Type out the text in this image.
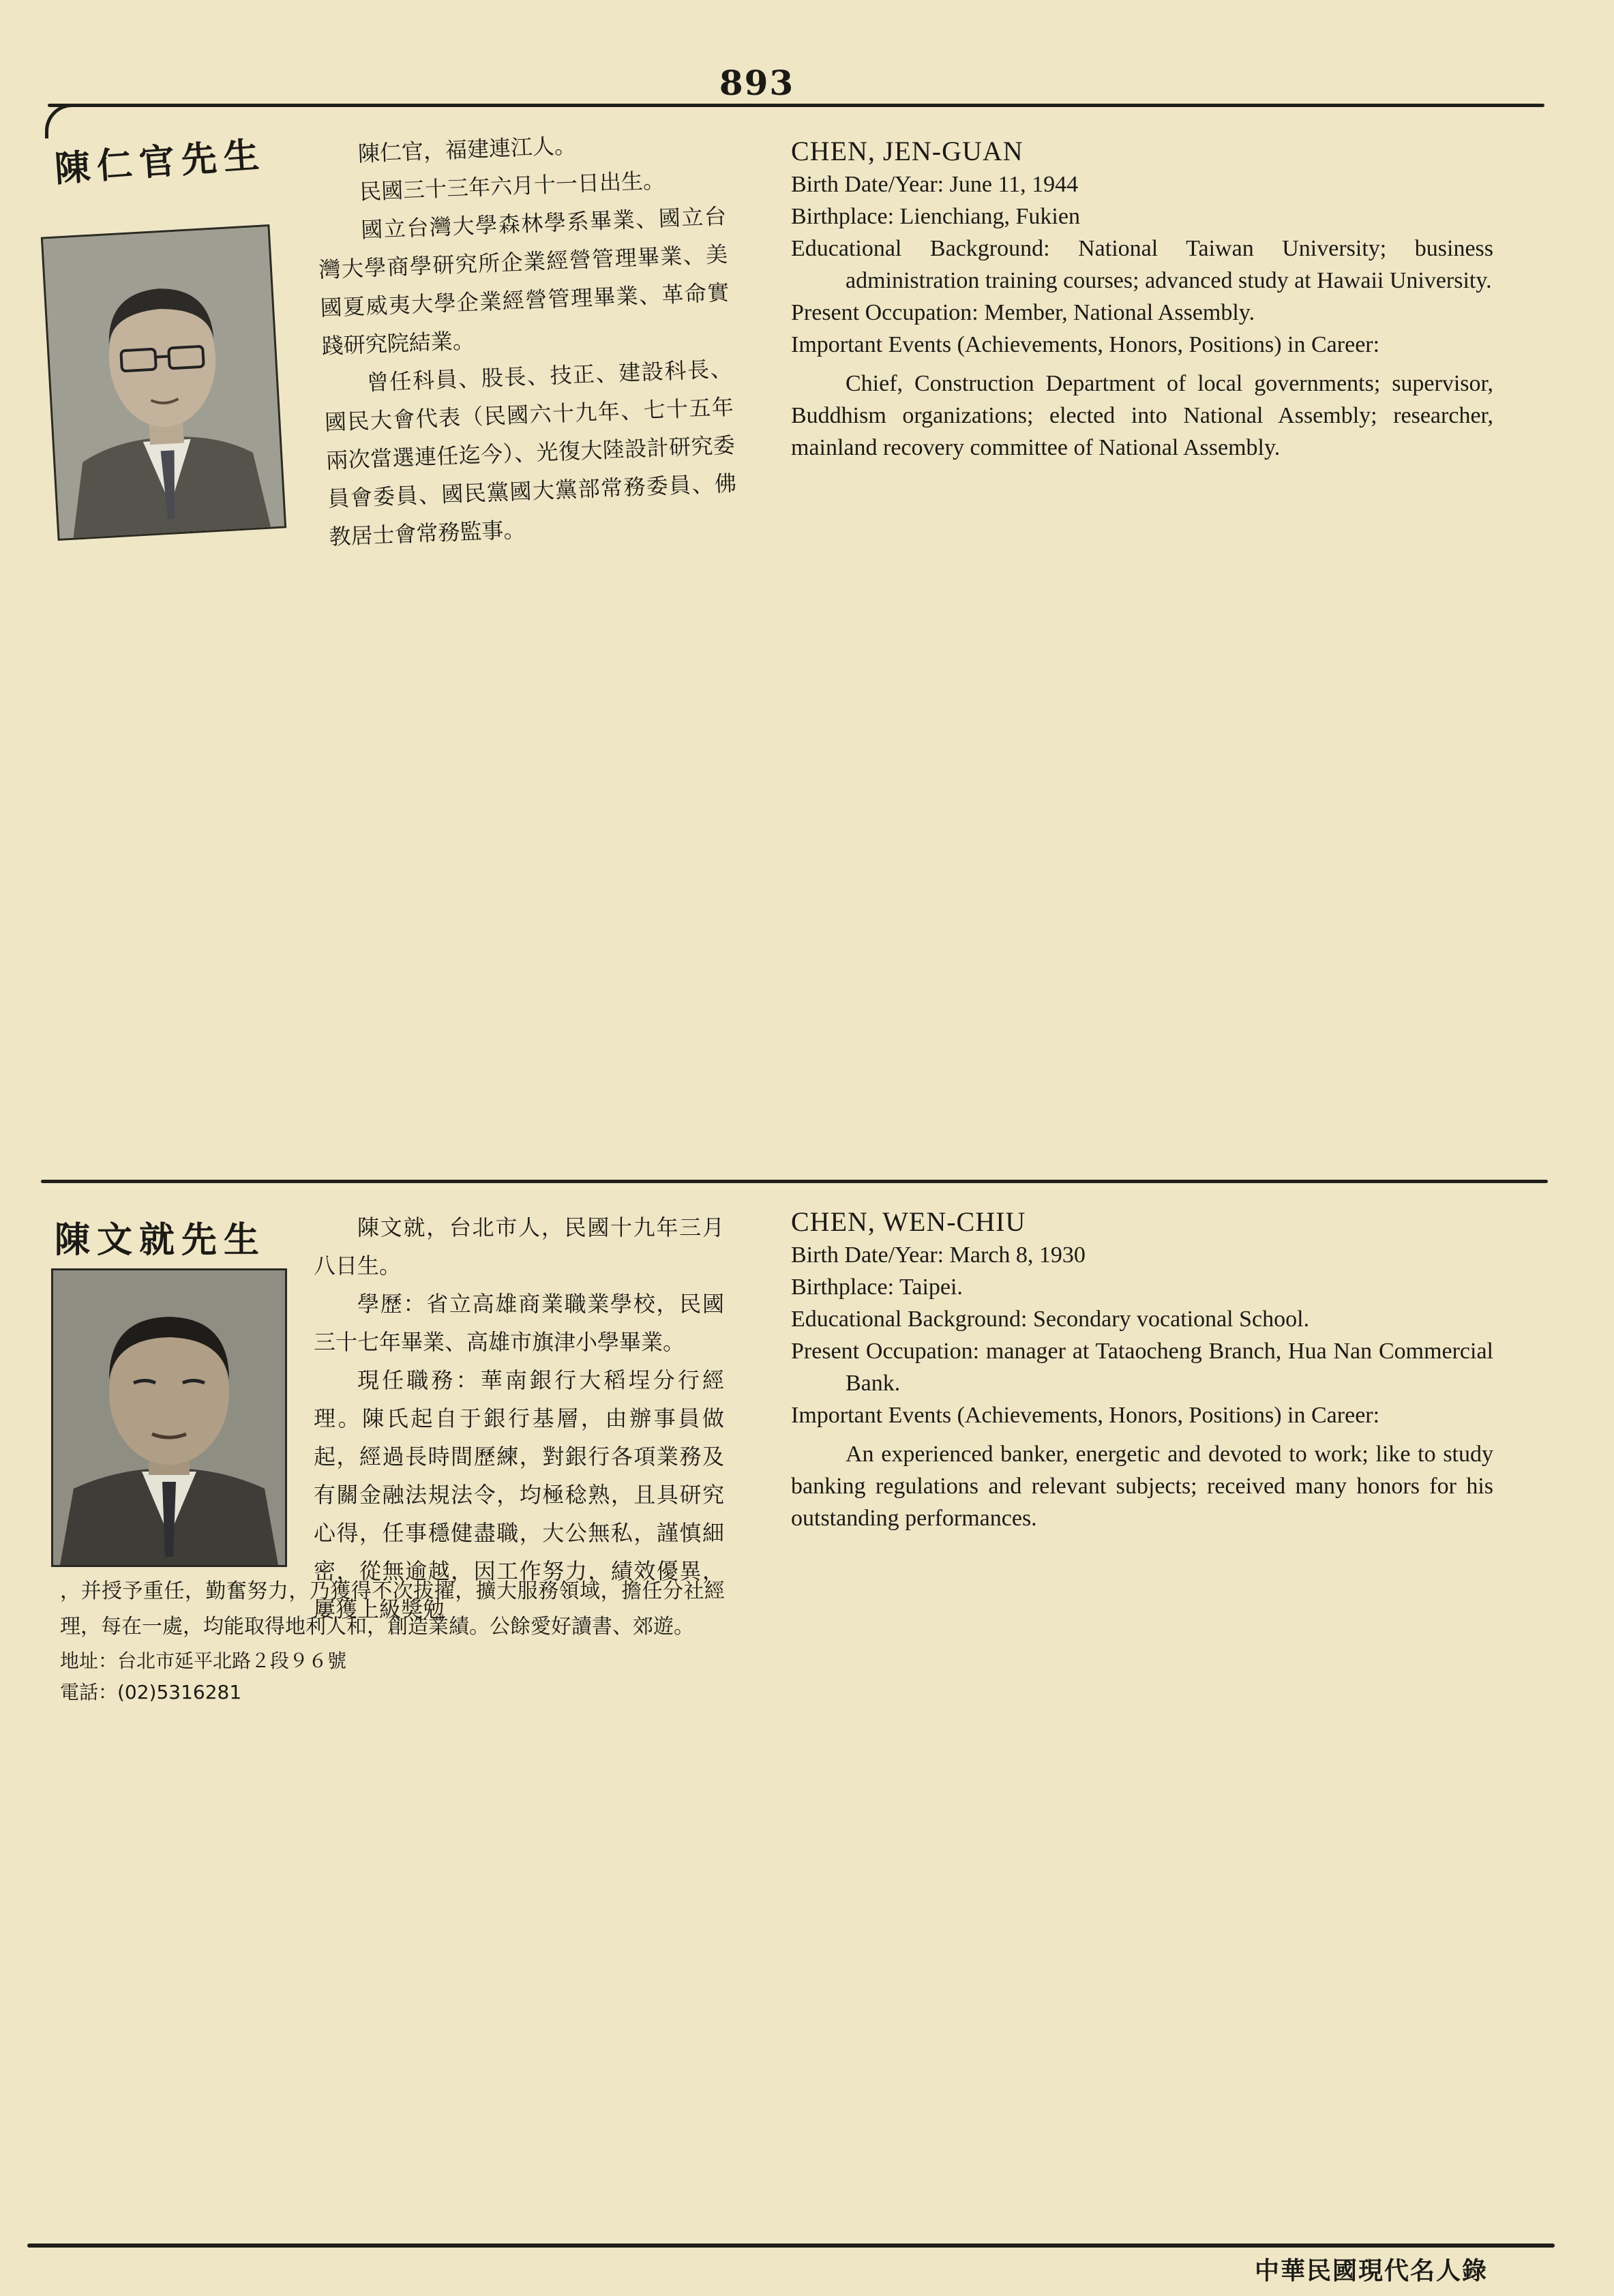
893
陳仁官先生	陳仁官，福建連江人。

民國三十三年六月十一日出生。

國立台灣大學森林學系畢業、國立台灣大學商學研究所企業經營管理畢業、美國夏威夷大學企業經營管理畢業、革命實踐研究院結業。

曾任科員、股長、技正、建設科長、國民大會代表（民國六十九年、七十五年兩次當選連任迄今）、光復大陸設計研究委員會委員、國民黨國大黨部常務委員、佛教居士會常務監事。

CHEN, JEN-GUAN

Birth Date/Year: June 11, 1944

Birthplace: Lienchiang, Fukien

Educational Background: National Taiwan University; business administration training courses; advanced study at Hawaii University.

Present Occupation: Member, National Assembly.

Important Events (Achievements, Honors, Positions) in Career:

Chief, Construction Department of local governments; supervisor, Buddhism organizations; elected into National Assembly; researcher, mainland recovery committee of National Assembly.

陳文就先生	陳文就，台北市人，民國十九年三月八日生。

學歷：省立高雄商業職業學校，民國三十七年畢業、高雄市旗津小學畢業。

現任職務：華南銀行大稻埕分行經理。陳氏起自于銀行基層，由辦事員做起，經過長時間歷練，對銀行各項業務及有關金融法規法令，均極稔熟，且具研究心得，任事穩健盡職，大公無私，謹慎細密，從無逾越，因工作努力，績效優異，屢獲上級獎勉

，并授予重任，勤奮努力，乃獲得不次拔擢，擴大服務領域，擔任分社經理，每在一處，均能取得地利人和，創造業績。公餘愛好讀書、郊遊。

地址：台北市延平北路２段９６號
電話：(02)5316281
CHEN, WEN-CHIU

Birth Date/Year: March 8, 1930

Birthplace: Taipei.

Educational Background: Secondary vocational School.

Present Occupation: manager at Tataocheng Branch, Hua Nan Commercial Bank.

Important Events (Achievements, Honors, Positions) in Career:

An experienced banker, energetic and devoted to work; like to study banking regulations and relevant subjects; received many honors for his outstanding performances.

中華民國現代名人錄
